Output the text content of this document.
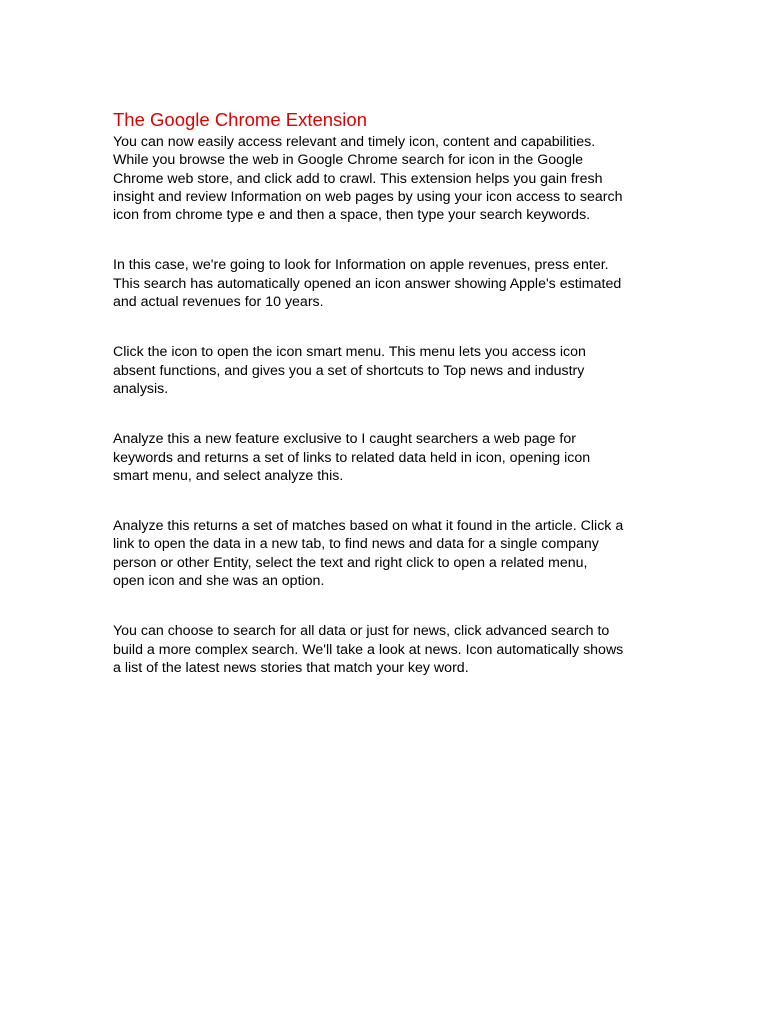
The Google Chrome Extension
You can now easily access relevant and timely icon, content and capabilities.
While you browse the web in Google Chrome search for icon in the Google
Chrome web store, and click add to crawl. This extension helps you gain fresh
insight and review Information on web pages by using your icon access to search
icon from chrome type e and then a space, then type your search keywords.
In this case, we're going to look for Information on apple revenues, press enter.
This search has automatically opened an icon answer showing Apple's estimated
and actual revenues for 10 years.
Click the icon to open the icon smart menu. This menu lets you access icon
absent functions, and gives you a set of shortcuts to Top news and industry
analysis.
Analyze this a new feature exclusive to I caught searchers a web page for
keywords and returns a set of links to related data held in icon, opening icon
smart menu, and select analyze this.
Analyze this returns a set of matches based on what it found in the article. Click a
link to open the data in a new tab, to find news and data for a single company
person or other Entity, select the text and right click to open a related menu,
open icon and she was an option.
You can choose to search for all data or just for news, click advanced search to
build a more complex search. We'll take a look at news. Icon automatically shows
a list of the latest news stories that match your key word.
